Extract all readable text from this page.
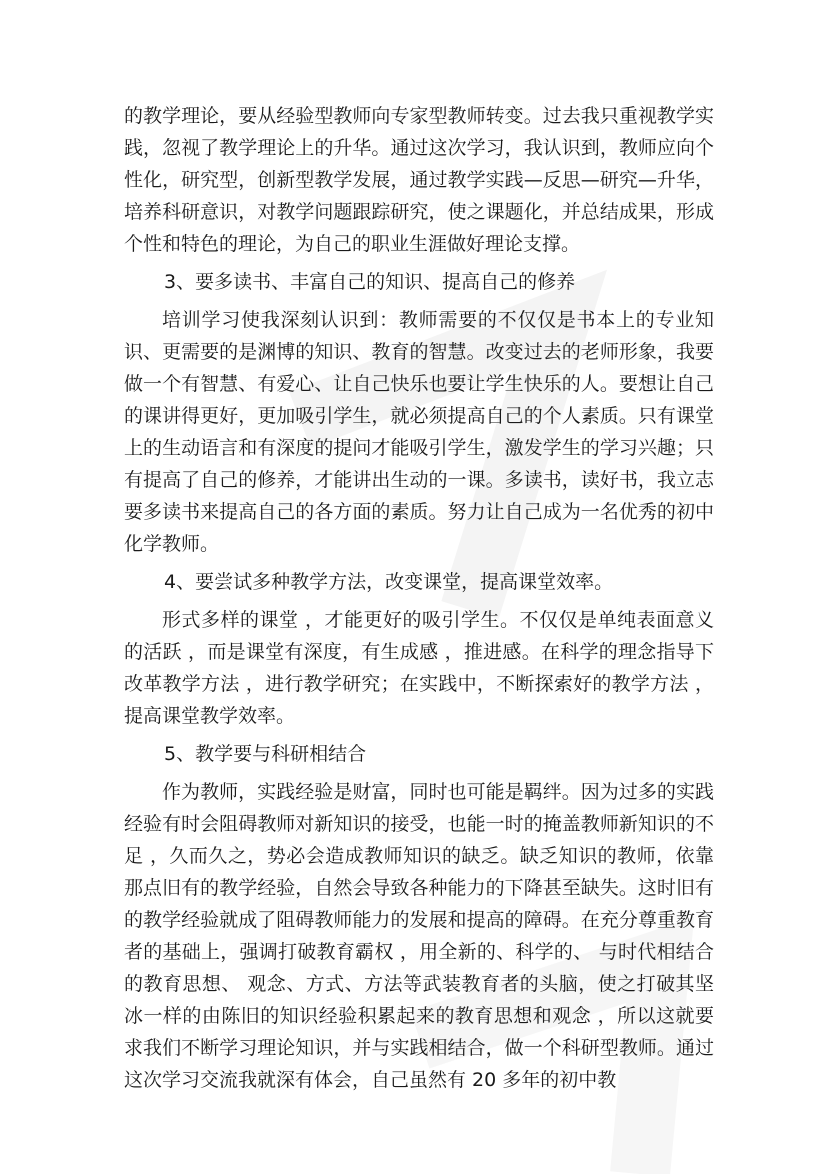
的教学理论，要从经验型教师向专家型教师转变。过去我只重视教学实践，忽视了教学理论上的升华。通过这次学习，我认识到，教师应向个性化，研究型，创新型教学发展，通过教学实践—反思—研究—升华，培养科研意识，对教学问题跟踪研究，使之课题化，并总结成果，形成个性和特色的理论，为自己的职业生涯做好理论支撑。

3、要多读书、丰富自己的知识、提高自己的修养

培训学习使我深刻认识到：教师需要的不仅仅是书本上的专业知识、更需要的是渊博的知识、教育的智慧。改变过去的老师形象，我要做一个有智慧、有爱心、让自己快乐也要让学生快乐的人。要想让自己的课讲得更好，更加吸引学生，就必须提高自己的个人素质。只有课堂上的生动语言和有深度的提问才能吸引学生，激发学生的学习兴趣；只有提高了自己的修养，才能讲出生动的一课。多读书，读好书，我立志要多读书来提高自己的各方面的素质。努力让自己成为一名优秀的初中化学教师。

4、要尝试多种教学方法，改变课堂，提高课堂效率。

形式多样的课堂 ，才能更好的吸引学生。不仅仅是单纯表面意义的活跃 ，而是课堂有深度，有生成感 ，推进感。在科学的理念指导下改革教学方法 ，进行教学研究；在实践中，不断探索好的教学方法 ，提高课堂教学效率。

5、教学要与科研相结合

作为教师，实践经验是财富，同时也可能是羁绊。因为过多的实践经验有时会阻碍教师对新知识的接受，也能一时的掩盖教师新知识的不足 ，久而久之，势必会造成教师知识的缺乏。缺乏知识的教师，依靠那点旧有的教学经验，自然会导致各种能力的下降甚至缺失。这时旧有的教学经验就成了阻碍教师能力的发展和提高的障碍。在充分尊重教育者的基础上，强调打破教育霸权 ，用全新的、科学的、 与时代相结合的教育思想、 观念、方式、方法等武装教育者的头脑，使之打破其坚冰一样的由陈旧的知识经验积累起来的教育思想和观念 ，所以这就要求我们不断学习理论知识，并与实践相结合，做一个科研型教师。通过这次学习交流我就深有体会，自己虽然有 20 多年的初中教
